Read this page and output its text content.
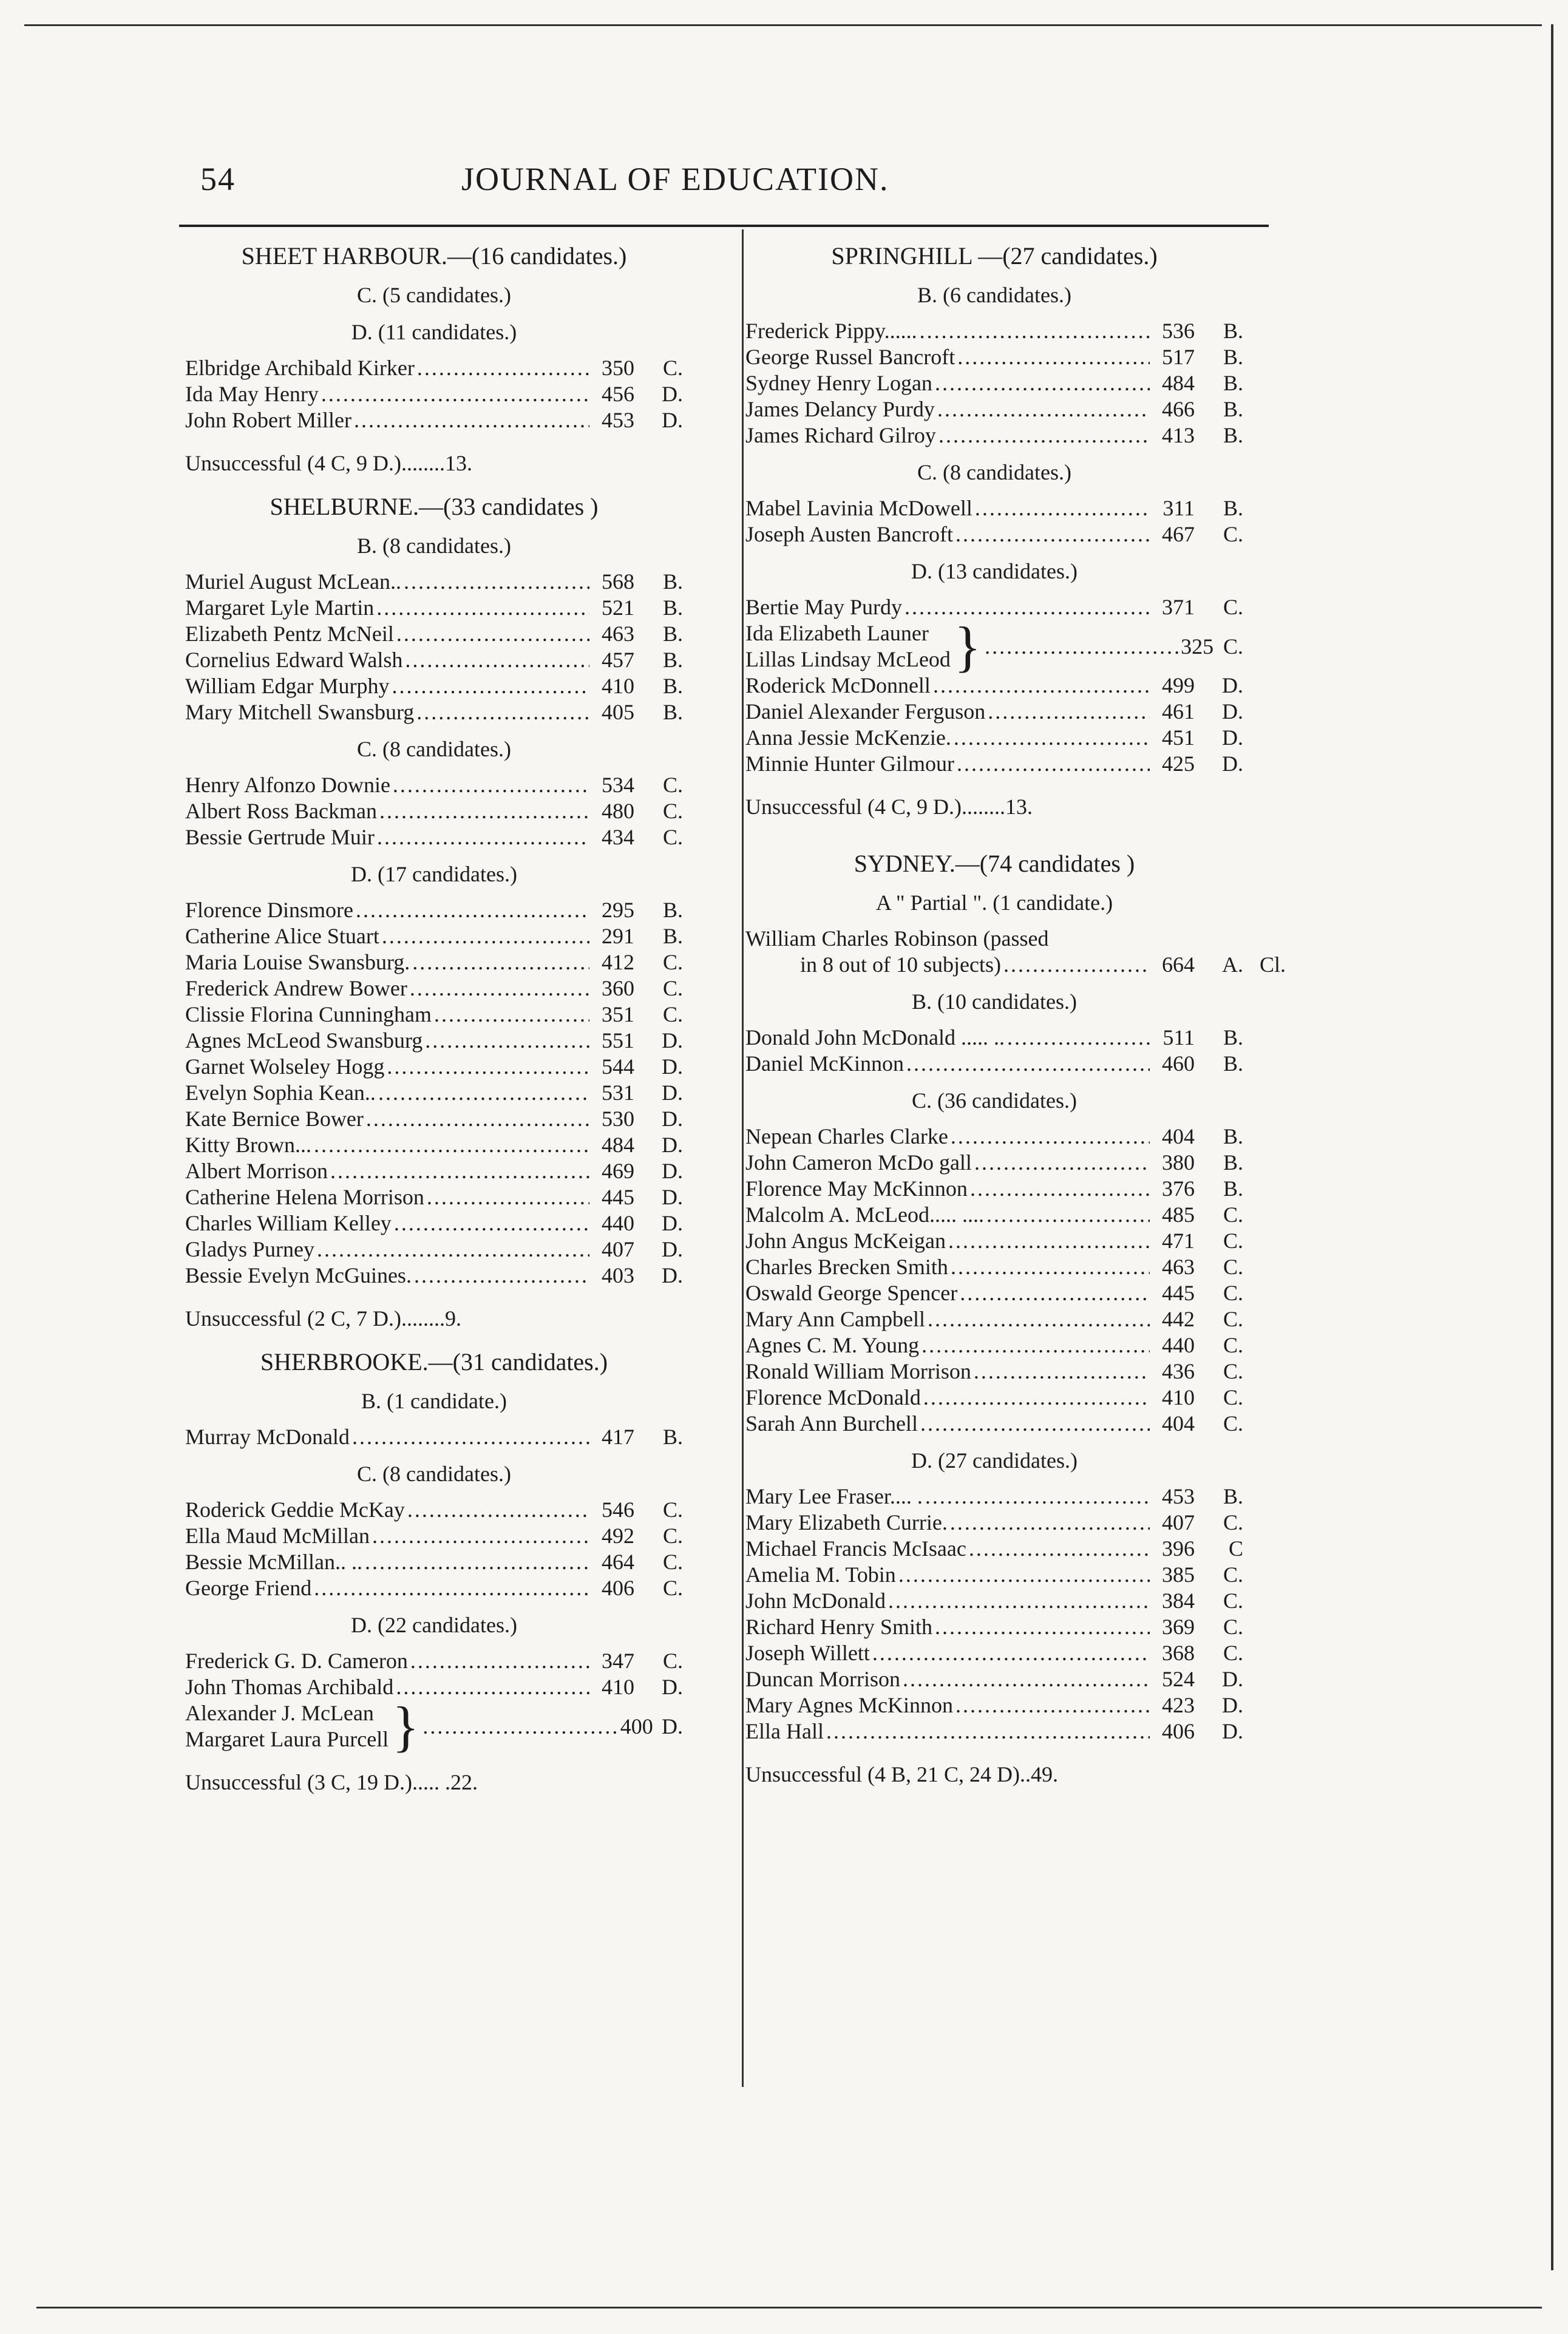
54	JOURNAL OF EDUCATION.
SHEET HARBOUR.—(16 candidates.)
C. (5 candidates.)
D. (11 candidates.)
Elbridge Archibald Kirker .....	350	C.
Ida May Henry .....	456	D.
John Robert Miller .....	453	D.
Unsuccessful (4 C, 9 D.)........13.
SHELBURNE.—(33 candidates )
B. (8 candidates.)
Muriel August McLean.. .....	568	B.
Margaret Lyle Martin .....	521	B.
Elizabeth Pentz McNeil .....	463	B.
Cornelius Edward Walsh .....	457	B.
William Edgar Murphy .....	410	B.
Mary Mitchell Swansburg .....	405	B.
C. (8 candidates.)
Henry Alfonzo Downie .....	534	C.
Albert Ross Backman .....	480	C.
Bessie Gertrude Muir .....	434	C.
D. (17 candidates.)
Florence Dinsmore .....	295	B.
Catherine Alice Stuart .....	291	B.
Maria Louise Swansburg. .....	412	C.
Frederick Andrew Bower .....	360	C.
Clissie Florina Cunningham .....	351	C.
Agnes McLeod Swansburg .....	551	D.
Garnet Wolseley Hogg .....	544	D.
Evelyn Sophia Kean.. .....	531	D.
Kate Bernice Bower .....	530	D.
Kitty Brown... .....	484	D.
Albert Morrison .....	469	D.
Catherine Helena Morrison .....	445	D.
Charles William Kelley .....	440	D.
Gladys Purney .....	407	D.
Bessie Evelyn McGuines. .....	403	D.
Unsuccessful (2 C, 7 D.)........9.
SHERBROOKE.—(31 candidates.)
B. (1 candidate.)
Murray McDonald .....	417	B.
C. (8 candidates.)
Roderick Geddie McKay .....	546	C.
Ella Maud McMillan .....	492	C.
Bessie McMillan.. .. .....	464	C.
George Friend .....	406	C.
D. (22 candidates.)
Frederick G. D. Cameron .....	347	C.
John Thomas Archibald .....	410	D.
Alexander J. McLean
Margaret Laura Purcell } .....	400 D.
Unsuccessful (3 C, 19 D.)..... .22.
SPRINGHILL —(27 candidates.)
B. (6 candidates.)
Frederick Pippy...... .....	536	B.
George Russel Bancroft .....	517	B.
Sydney Henry Logan .....	484	B.
James Delancy Purdy .....	466	B.
James Richard Gilroy .....	413	B.
C. (8 candidates.)
Mabel Lavinia McDowell .....	311	B.
Joseph Austen Bancroft .....	467	C.
D. (13 candidates.)
Bertie May Purdy .....	371	C.
Ida Elizabeth Launer
Lillas Lindsay McLeod } .....	325 C.
Roderick McDonnell .....	499	D.
Daniel Alexander Ferguson .....	461	D.
Anna Jessie McKenzie. .....	451	D.
Minnie Hunter Gilmour .....	425	D.
Unsuccessful (4 C, 9 D.)........13.
SYDNEY.—(74 candidates )
A " Partial ". (1 candidate.)
William Charles Robinson (passed
in 8 out of 10 subjects) .....	664	A. Cl.
B. (10 candidates.)
Donald John McDonald ..... .. .....	511	B.
Daniel McKinnon .....	460	B.
C. (36 candidates.)
Nepean Charles Clarke .....	404	B.
John Cameron McDo gall .....	380	B.
Florence May McKinnon .....	376	B.
Malcolm A. McLeod..... .... .....	485	C.
John Angus McKeigan .....	471	C.
Charles Brecken Smith .....	463	C.
Oswald George Spencer .....	445	C.
Mary Ann Campbell .....	442	C.
Agnes C. M. Young .....	440	C.
Ronald William Morrison .....	436	C.
Florence McDonald .....	410	C.
Sarah Ann Burchell .....	404	C.
D. (27 candidates.)
Mary Lee Fraser.... . .....	453	B.
Mary Elizabeth Currie. .....	407	C.
Michael Francis McIsaac .....	396	C
Amelia M. Tobin .....	385	C.
John McDonald .....	384	C.
Richard Henry Smith .....	369	C.
Joseph Willett .....	368	C.
Duncan Morrison .....	524	D.
Mary Agnes McKinnon .....	423	D.
Ella Hall .....	406	D.
Unsuccessful (4 B, 21 C, 24 D)..49.
